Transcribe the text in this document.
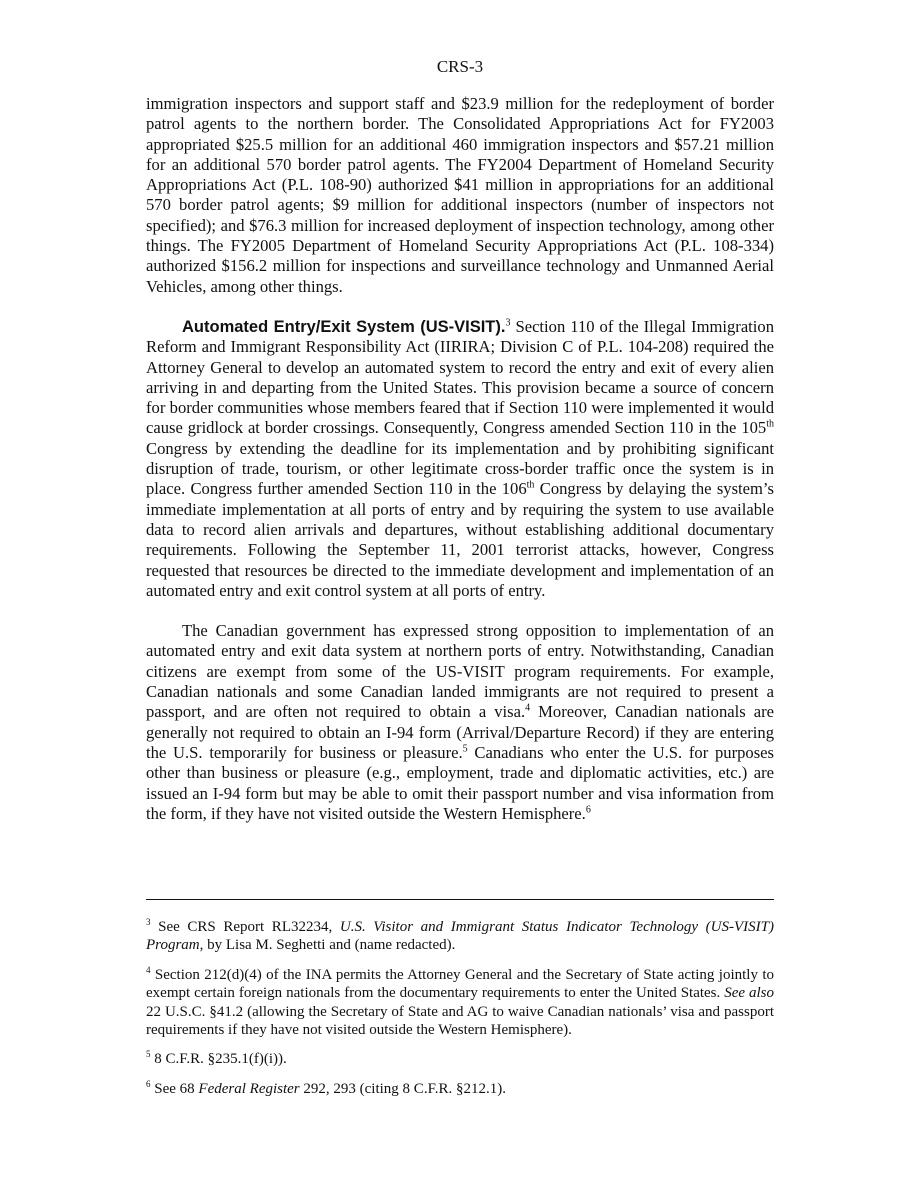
CRS-3

immigration inspectors and support staff and $23.9 million for the redeployment of border patrol agents to the northern border. The Consolidated Appropriations Act for FY2003 appropriated $25.5 million for an additional 460 immigration inspectors and $57.21 million for an additional 570 border patrol agents. The FY2004 Department of Homeland Security Appropriations Act (P.L. 108-90) authorized $41 million in appropriations for an additional 570 border patrol agents; $9 million for additional inspectors (number of inspectors not specified); and $76.3 million for increased deployment of inspection technology, among other things. The FY2005 Department of Homeland Security Appropriations Act (P.L. 108-334) authorized $156.2 million for inspections and surveillance technology and Unmanned Aerial Vehicles, among other things.

Automated Entry/Exit System (US-VISIT).$^3$ Section 110 of the Illegal Immigration Reform and Immigrant Responsibility Act (IIRIRA; Division C of P.L. 104-208) required the Attorney General to develop an automated system to record the entry and exit of every alien arriving in and departing from the United States. This provision became a source of concern for border communities whose members feared that if Section 110 were implemented it would cause gridlock at border crossings. Consequently, Congress amended Section 110 in the 105th Congress by extending the deadline for its implementation and by prohibiting significant disruption of trade, tourism, or other legitimate cross-border traffic once the system is in place. Congress further amended Section 110 in the 106th Congress by delaying the system’s immediate implementation at all ports of entry and by requiring the system to use available data to record alien arrivals and departures, without establishing additional documentary requirements. Following the September 11, 2001 terrorist attacks, however, Congress requested that resources be directed to the immediate development and implementation of an automated entry and exit control system at all ports of entry.

The Canadian government has expressed strong opposition to implementation of an automated entry and exit data system at northern ports of entry. Notwithstanding, Canadian citizens are exempt from some of the US-VISIT program requirements. For example, Canadian nationals and some Canadian landed immigrants are not required to present a passport, and are often not required to obtain a visa.$^4$ Moreover, Canadian nationals are generally not required to obtain an I-94 form (Arrival/Departure Record) if they are entering the U.S. temporarily for business or pleasure.$^5$ Canadians who enter the U.S. for purposes other than business or pleasure (e.g., employment, trade and diplomatic activities, etc.) are issued an I-94 form but may be able to omit their passport number and visa information from the form, if they have not visited outside the Western Hemisphere.$^6$

$^3$ See CRS Report RL32234, U.S. Visitor and Immigrant Status Indicator Technology (US-VISIT) Program, by Lisa M. Seghetti and (name redacted).

$^4$ Section 212(d)(4) of the INA permits the Attorney General and the Secretary of State acting jointly to exempt certain foreign nationals from the documentary requirements to enter the United States. See also 22 U.S.C. §41.2 (allowing the Secretary of State and AG to waive Canadian nationals’ visa and passport requirements if they have not visited outside the Western Hemisphere).

$^5$ 8 C.F.R. §235.1(f)(i)).

$^6$ See 68 Federal Register 292, 293 (citing 8 C.F.R. §212.1).
